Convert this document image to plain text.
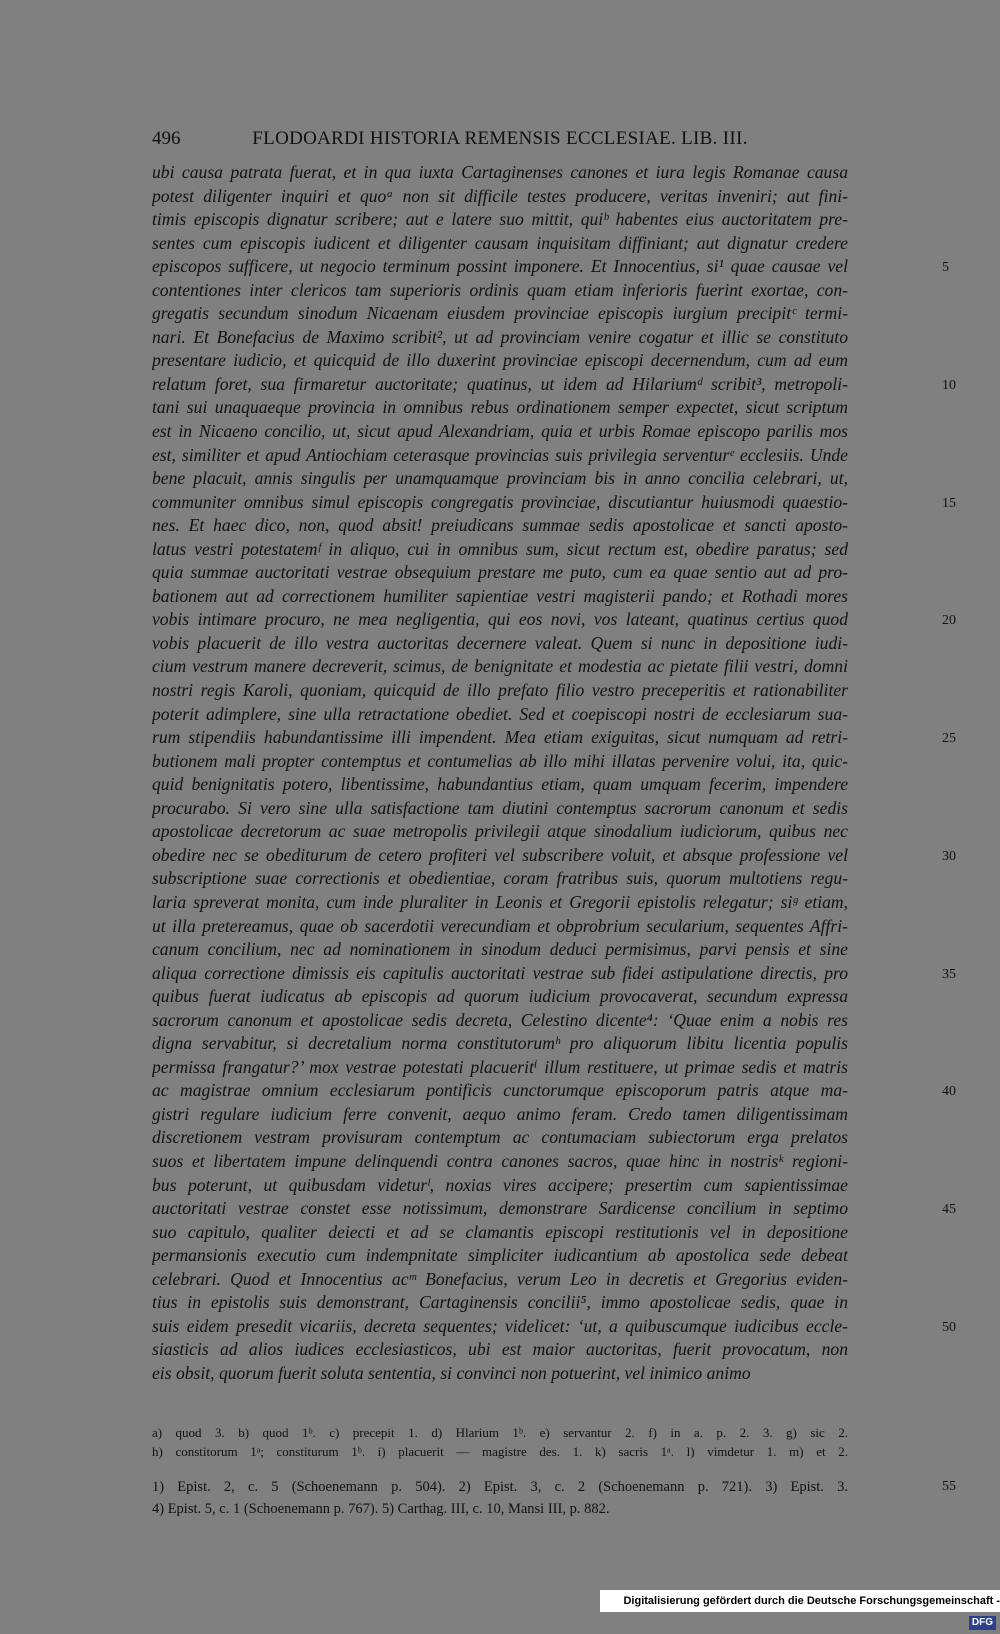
496	FLODOARDI HISTORIA REMENSIS ECCLESIAE. LIB. III.
ubi causa patrata fuerat, et in qua iuxta Cartaginenses canones et iura legis Romanae causa
potest diligenter inquiri et quoᵃ non sit difficile testes producere, veritas inveniri; aut fini-
timis episcopis dignatur scribere; aut e latere suo mittit, quiᵇ habentes eius auctoritatem pre-
sentes cum episcopis iudicent et diligenter causam inquisitam diffiniant; aut dignatur credere
episcopos sufficere, ut negocio terminum possint imponere. Et Innocentius, si¹ quae causae vel	5
contentiones inter clericos tam superioris ordinis quam etiam inferioris fuerint exortae, con-
gregatis secundum sinodum Nicaenam eiusdem provinciae episcopis iurgium precipitᶜ termi-
nari. Et Bonefacius de Maximo scribit², ut ad provinciam venire cogatur et illic se constituto
presentare iudicio, et quicquid de illo duxerint provinciae episcopi decernendum, cum ad eum
relatum foret, sua firmaretur auctoritate; quatinus, ut idem ad Hilariumᵈ scribit³, metropoli-	10
tani sui unaquaeque provincia in omnibus rebus ordinationem semper expectet, sicut scriptum
est in Nicaeno concilio, ut, sicut apud Alexandriam, quia et urbis Romae episcopo parilis mos
est, similiter et apud Antiochiam ceterasque provincias suis privilegia serventurᵉ ecclesiis. Unde
bene placuit, annis singulis per unamquamque provinciam bis in anno concilia celebrari, ut,
communiter omnibus simul episcopis congregatis provinciae, discutiantur huiusmodi quaestio-	15
nes. Et haec dico, non, quod absit! preiudicans summae sedis apostolicae et sancti aposto-
latus vestri potestatemᶠ in aliquo, cui in omnibus sum, sicut rectum est, obedire paratus; sed
quia summae auctoritati vestrae obsequium prestare me puto, cum ea quae sentio aut ad pro-
bationem aut ad correctionem humiliter sapientiae vestri magisterii pando; et Rothadi mores
vobis intimare procuro, ne mea negligentia, qui eos novi, vos lateant, quatinus certius quod	20
vobis placuerit de illo vestra auctoritas decernere valeat. Quem si nunc in depositione iudi-
cium vestrum manere decreverit, scimus, de benignitate et modestia ac pietate filii vestri, domni
nostri regis Karoli, quoniam, quicquid de illo prefato filio vestro preceperitis et rationabiliter
poterit adimplere, sine ulla retractatione obediet. Sed et coepiscopi nostri de ecclesiarum sua-
rum stipendiis habundantissime illi impendent. Mea etiam exiguitas, sicut numquam ad retri-	25
butionem mali propter contemptus et contumelias ab illo mihi illatas pervenire volui, ita, quic-
quid benignitatis potero, libentissime, habundantius etiam, quam umquam fecerim, impendere
procurabo. Si vero sine ulla satisfactione tam diutini contemptus sacrorum canonum et sedis
apostolicae decretorum ac suae metropolis privilegii atque sinodalium iudiciorum, quibus nec
obedire nec se obediturum de cetero profiteri vel subscribere voluit, et absque professione vel	30
subscriptione suae correctionis et obedientiae, coram fratribus suis, quorum multotiens regu-
laria spreverat monita, cum inde pluraliter in Leonis et Gregorii epistolis relegatur; siᵍ etiam,
ut illa pretereamus, quae ob sacerdotii verecundiam et obprobrium secularium, sequentes Affri-
canum concilium, nec ad nominationem in sinodum deduci permisimus, parvi pensis et sine
aliqua correctione dimissis eis capitulis auctoritati vestrae sub fidei astipulatione directis, pro	35
quibus fuerat iudicatus ab episcopis ad quorum iudicium provocaverat, secundum expressa
sacrorum canonum et apostolicae sedis decreta, Celestino dicente⁴: ‘Quae enim a nobis res
digna servabitur, si decretalium norma constitutorumʰ pro aliquorum libitu licentia populis
permissa frangatur?’ mox vestrae potestati placueritⁱ illum restituere, ut primae sedis et matris
ac magistrae omnium ecclesiarum pontificis cunctorumque episcoporum patris atque ma-	40
gistri regulare iudicium ferre convenit, aequo animo feram. Credo tamen diligentissimam
discretionem vestram provisuram contemptum ac contumaciam subiectorum erga prelatos
suos et libertatem impune delinquendi contra canones sacros, quae hinc in nostrisᵏ regioni-
bus poterunt, ut quibusdam videturˡ, noxias vires accipere; presertim cum sapientissimae
auctoritati vestrae constet esse notissimum, demonstrare Sardicense concilium in septimo	45
suo capitulo, qualiter deiecti et ad se clamantis episcopi restitutionis vel in depositione
permansionis executio cum indempnitate simpliciter iudicantium ab apostolica sede debeat
celebrari. Quod et Innocentius acᵐ Bonefacius, verum Leo in decretis et Gregorius eviden-
tius in epistolis suis demonstrant, Cartaginensis concilii⁵, immo apostolicae sedis, quae in
suis eidem presedit vicariis, decreta sequentes; videlicet: ‘ut, a quibuscumque iudicibus eccle-	50
siasticis ad alios iudices ecclesiasticos, ubi est maior auctoritas, fuerit provocatum, non
eis obsit, quorum fuerit soluta sententia, si convinci non potuerint, vel inimico animo
a) quod 3. b) quod 1ᵇ. c) precepit 1. d) Hlarium 1ᵇ. e) servantur 2. f) in a. p. 2. 3. g) sic 2.
h) constitorum 1ᵃ; constiturum 1ᵇ. i) placuerit — magistre des. 1. k) sacris 1ᵃ. l) vimdetur 1. m) et 2.
1) Epist. 2, c. 5 (Schoenemann p. 504). 2) Epist. 3, c. 2 (Schoenemann p. 721). 3) Epist. 3.	55
4) Epist. 5, c. 1 (Schoenemann p. 767). 5) Carthag. III, c. 10, Mansi III, p. 882.
Digitalisierung gefördert durch die Deutsche Forschungsgemeinschaft -DFG
